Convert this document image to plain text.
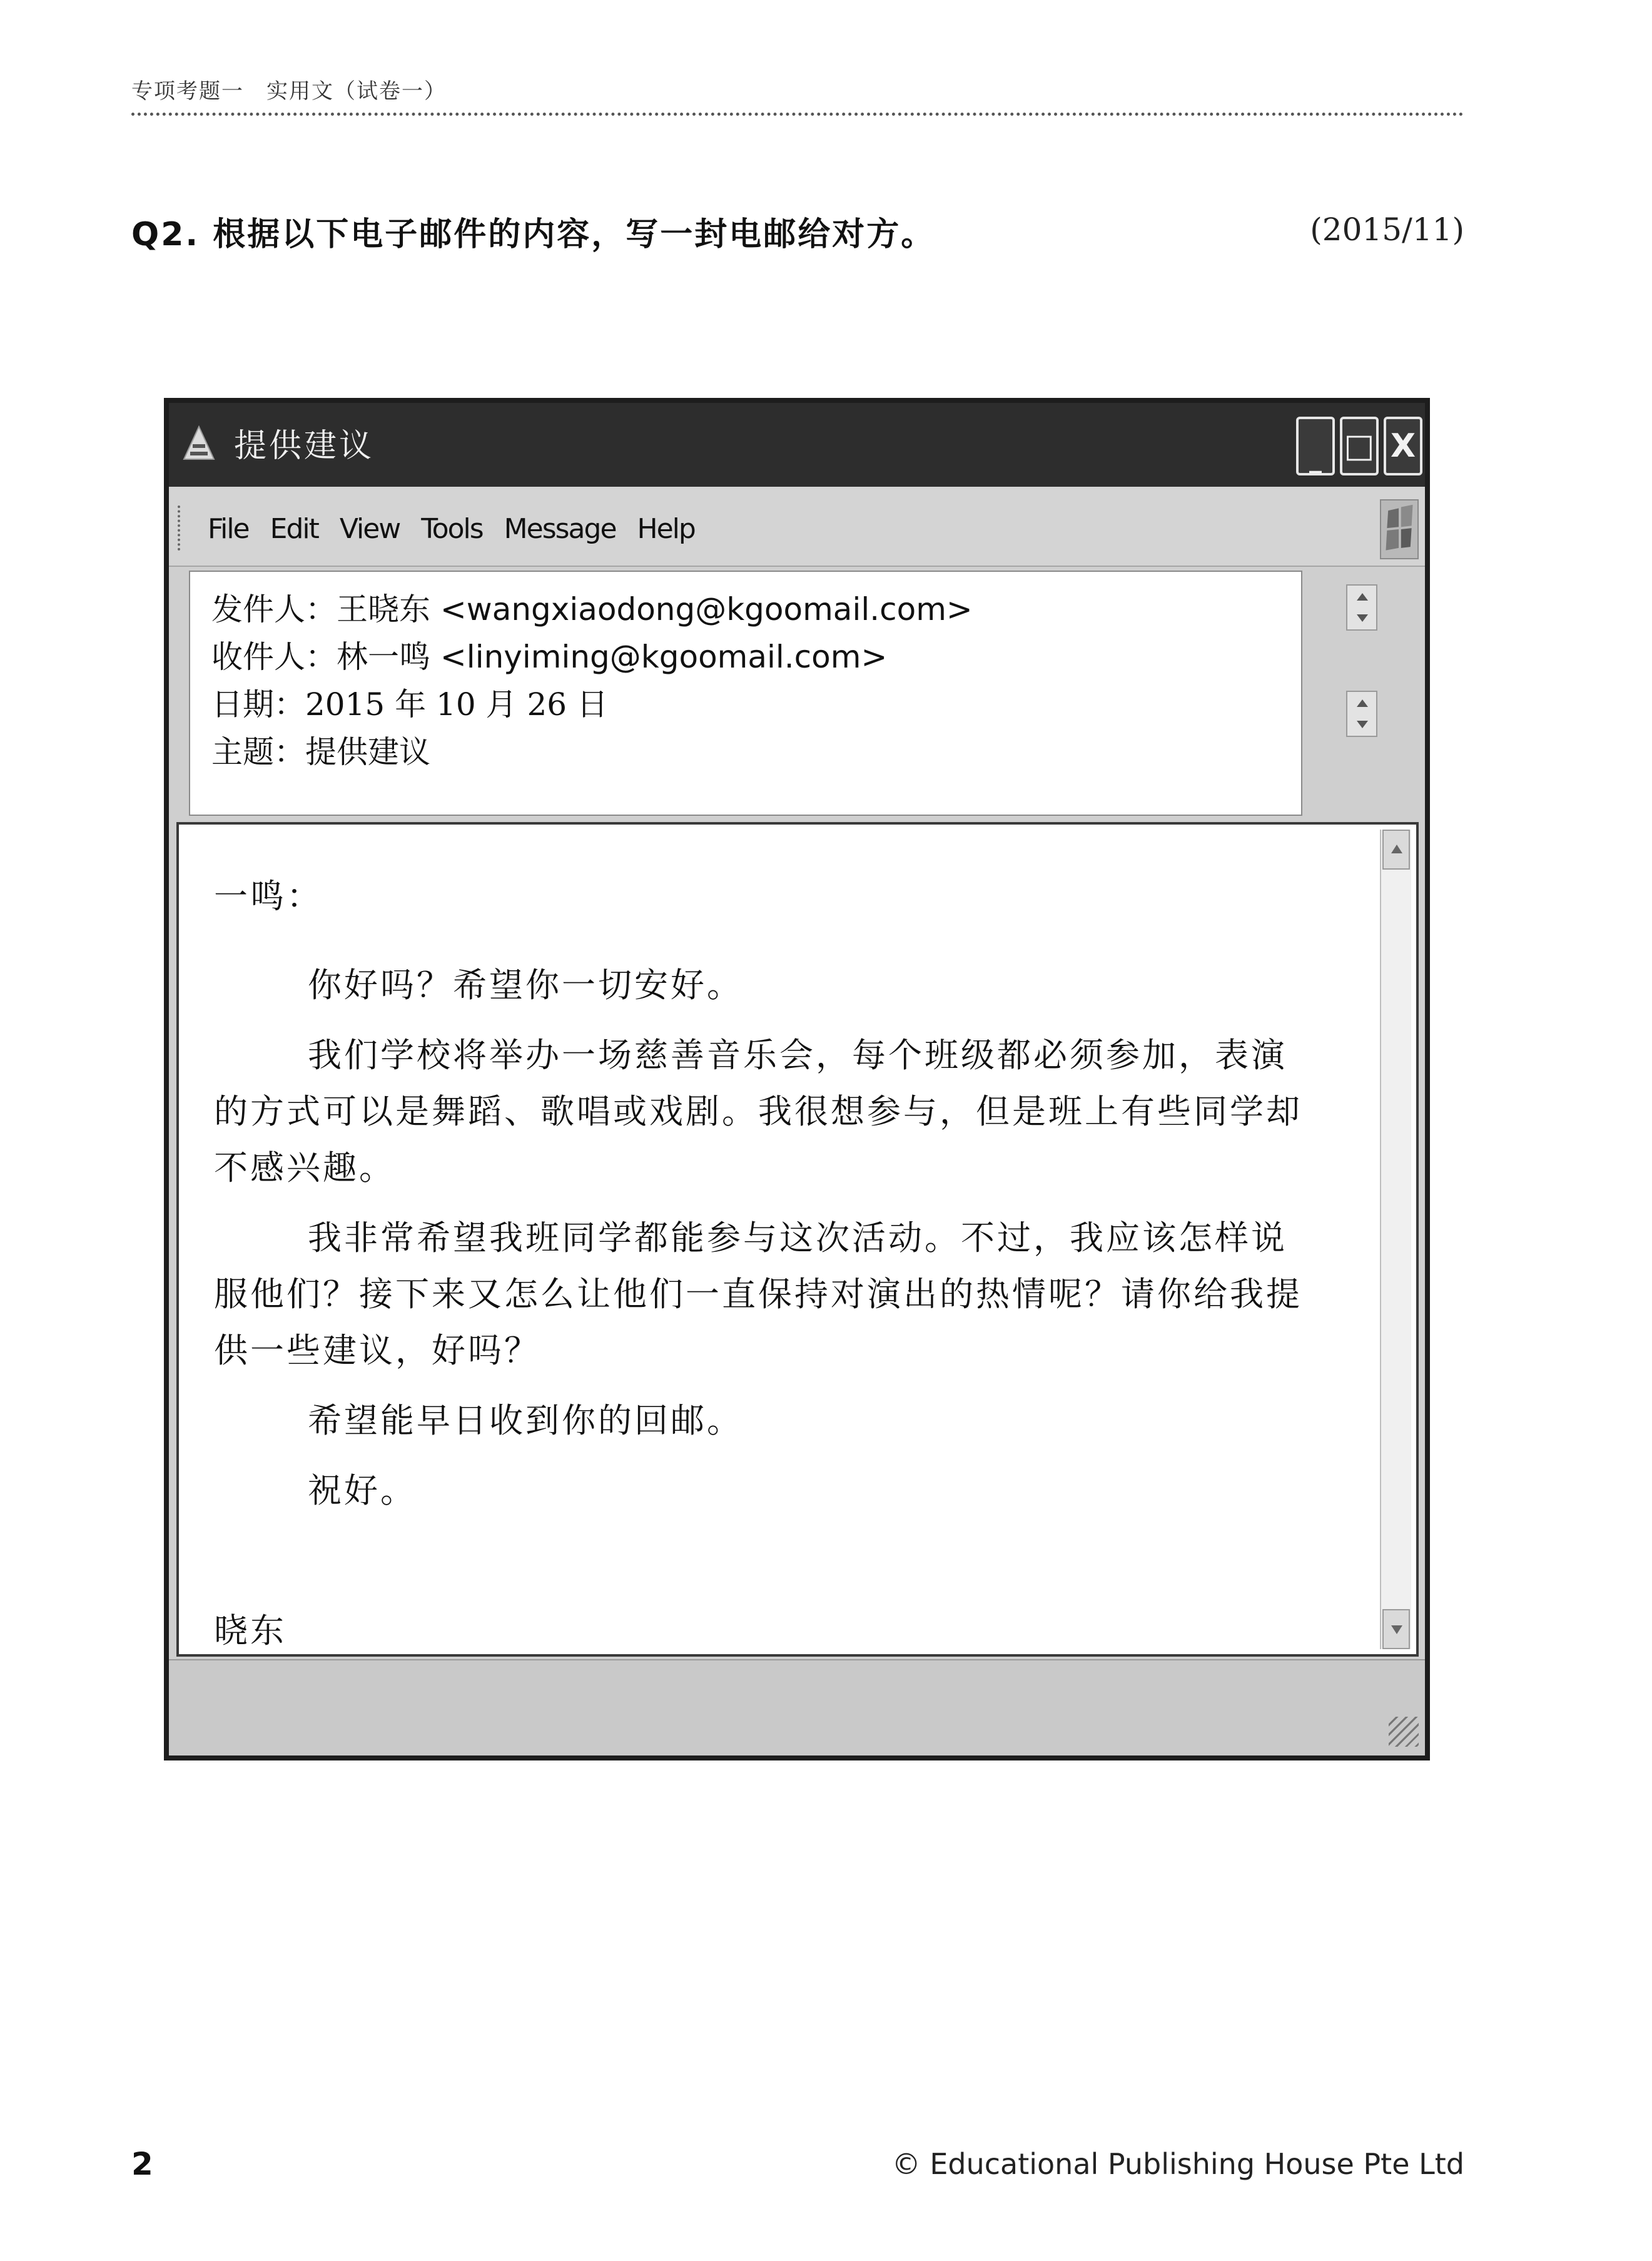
专项考题一　实用文（试卷一）
Q2. 根据以下电子邮件的内容，写一封电邮给对方。	(2015/11)
提供建议	_ □ X
File Edit View Tools Message Help
发件人：王晓东 <wangxiaodong@kgoomail.com>
收件人：林一鸣 <linyiming@kgoomail.com>
日期：2015 年 10 月 26 日
主题：提供建议

一鸣：

你好吗？希望你一切安好。

我们学校将举办一场慈善音乐会，每个班级都必须参加，表演的方式可以是舞蹈、歌唱或戏剧。我很想参与，但是班上有些同学却不感兴趣。

我非常希望我班同学都能参与这次活动。不过，我应该怎样说服他们？接下来又怎么让他们一直保持对演出的热情呢？请你给我提供一些建议，好吗？

希望能早日收到你的回邮。

祝好。

晓东

2	© Educational Publishing House Pte Ltd
